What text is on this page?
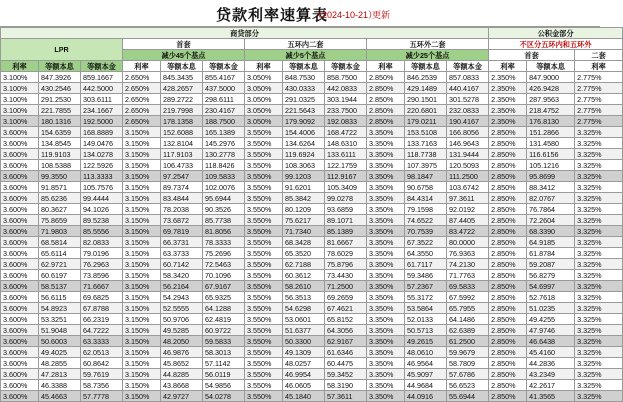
贷款利率速算表
（2024-10-21）
更新
商贷部分												公积金部分		

LPR			首套			五环内二套			五环外二套			不区分五环内和五环外		
			减少45个基点			减少5个基点			减少25个基点			首套		二套
利率	等额本息	等额本金	利率	等额本息	等额本金	利率	等额本息	等额本金	利率	等额本息	等额本金	利率	等额本息	利率
3.100%	847.3926	859.1667	2.650%	845.3435	855.4167	3.050%	848.7530	858.7500	2.850%	846.2539	857.0833	2.350%	847.9000	2.775%
3.100%	430.2546	442.5000	2.650%	428.2657	437.5000	3.050%	430.0333	442.0833	2.850%	429.1489	440.4167	2.350%	426.9428	2.775%
3.100%	291.2530	303.6111	2.650%	289.2722	298.6111	3.050%	291.0325	303.1944	2.850%	290.1501	301.5278	2.350%	287.9563	2.775%
3.100%	221.7855	234.1667	2.650%	219.7998	230.4167	3.050%	221.5643	233.7500	2.850%	220.6801	232.0833	2.350%	218.4752	2.775%
3.100%	180.1316	192.5000	2.650%	178.1358	188.7500	3.050%	179.9092	192.0833	2.850%	179.0211	190.4167	2.350%	176.8130	2.775%
3.600%	154.6359	168.8889	3.150%	152.6088	165.1389	3.550%	154.4006	168.4722	3.350%	153.5108	166.8056	2.850%	151.2866	3.325%
3.600%	134.8545	149.0476	3.150%	132.8104	145.2976	3.550%	134.6264	148.6310	3.350%	133.7163	146.9643	2.850%	131.4580	3.325%
3.600%	119.9103	134.0278	3.150%	117.9103	130.2778	3.550%	119.6924	133.6111	3.350%	118.7738	131.9444	2.850%	116.6156	3.325%
3.600%	108.5388	122.5926	3.150%	106.4733	118.8426	3.550%	108.3063	122.1759	3.350%	107.3975	120.5093	2.850%	105.1216	3.325%
3.600%	99.3550	113.3333	3.150%	97.2547	109.5833	3.550%	99.1203	112.9167	3.350%	98.1847	111.2500	2.850%	95.8699	3.325%
3.600%	91.8571	105.7576	3.150%	89.7374	102.0076	3.550%	91.6201	105.3409	3.350%	90.6758	103.6742	2.850%	88.3412	3.325%
3.600%	85.6236	99.4444	3.150%	83.4844	95.6944	3.550%	85.3842	99.0278	3.350%	84.4314	97.3611	2.850%	82.0767	3.325%
3.600%	80.3627	94.1026	3.150%	78.2038	90.3526	3.550%	80.1209	93.6859	3.350%	79.1598	92.0192	2.850%	76.7864	3.325%
3.600%	75.8659	89.5238	3.150%	73.6872	85.7738	3.550%	75.6217	89.1071	3.350%	74.6522	87.4405	2.850%	72.2604	3.325%
3.600%	71.9803	85.5556	3.150%	69.7819	81.8056	3.550%	71.7340	85.1389	3.350%	70.7539	83.4722	2.850%	68.3390	3.325%
3.600%	68.5814	82.0833	3.150%	66.3731	78.3333	3.550%	68.3428	81.6667	3.350%	67.3522	80.0000	2.850%	64.9185	3.325%
3.600%	65.6114	79.0196	3.150%	63.3733	75.2696	3.550%	65.3520	78.6029	3.350%	64.3550	76.9363	2.850%	61.8784	3.325%
3.600%	62.9721	76.2963	3.150%	60.7142	72.5463	3.550%	62.7188	75.8796	3.350%	61.7117	74.2130	2.850%	59.2087	3.325%
3.600%	60.6197	73.8596	3.150%	58.3420	70.1096	3.550%	60.3612	73.4430	3.350%	59.3486	71.7763	2.850%	56.8279	3.325%
3.600%	58.5137	71.6667	3.150%	56.2164	67.9167	3.550%	58.2610	71.2500	3.350%	57.2367	69.5833	2.850%	54.6997	3.325%
3.600%	56.6115	69.6825	3.150%	54.2943	65.9325	3.550%	56.3513	69.2659	3.350%	55.3172	67.5992	2.850%	52.7618	3.325%
3.600%	54.8923	67.8788	3.150%	52.5555	64.1288	3.550%	54.6298	67.4621	3.350%	53.5864	65.7955	2.850%	51.0235	3.325%
3.600%	53.3251	66.2319	3.150%	50.9706	62.4819	3.550%	53.0601	65.8152	3.350%	52.0133	64.1486	2.850%	49.4255	3.325%
3.600%	51.9048	64.7222	3.150%	49.5285	60.9722	3.550%	51.6377	64.3056	3.350%	50.5713	62.6389	2.850%	47.9746	3.325%
3.600%	50.6003	63.3333	3.150%	48.2050	59.5833	3.550%	50.3300	62.9167	3.350%	49.2615	61.2500	2.850%	46.6438	3.325%
3.600%	49.4025	62.0513	3.150%	46.9876	58.3013	3.550%	49.1309	61.6346	3.350%	48.0610	59.9679	2.850%	45.4160	3.325%
3.600%	48.2855	60.8642	3.150%	45.8652	57.1142	3.550%	48.0257	60.4475	3.350%	46.9564	58.7809	2.850%	44.2836	3.325%
3.600%	47.2813	59.7619	3.150%	44.8285	56.0119	3.550%	46.9954	59.3452	3.350%	45.9097	57.6786	2.850%	43.2349	3.325%
3.600%	46.3388	58.7356	3.150%	43.8668	54.9856	3.550%	46.0605	58.3190	3.350%	44.9684	56.6523	2.850%	42.2617	3.325%
3.600%	45.4663	57.7778	3.150%	42.9727	54.0278	3.550%	45.1840	57.3611	3.350%	44.0916	55.6944	2.850%	41.3565	3.325%
